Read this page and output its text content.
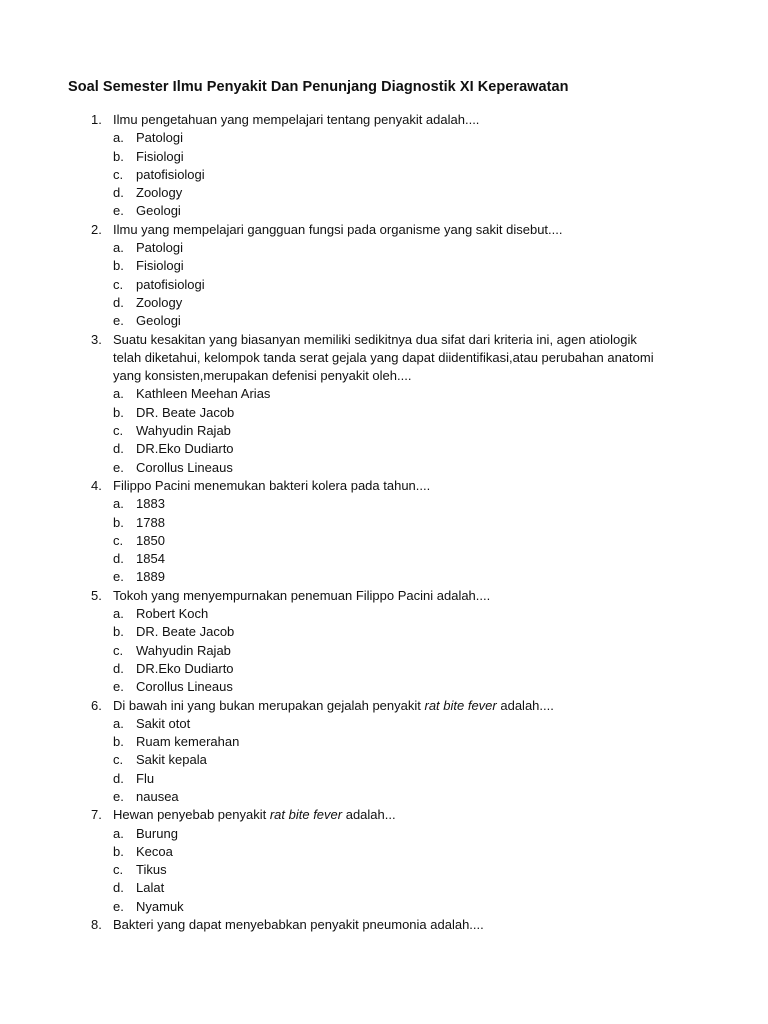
Soal Semester Ilmu Penyakit Dan Penunjang Diagnostik XI Keperawatan
1. Ilmu pengetahuan yang mempelajari tentang penyakit adalah....
a. Patologi
b. Fisiologi
c. patofisiologi
d. Zoology
e. Geologi
2. Ilmu yang mempelajari gangguan fungsi pada organisme yang sakit disebut....
a. Patologi
b. Fisiologi
c. patofisiologi
d. Zoology
e. Geologi
3. Suatu kesakitan yang biasanyan memiliki sedikitnya dua sifat dari kriteria ini, agen atiologik
telah diketahui, kelompok tanda serat gejala yang dapat diidentifikasi,atau perubahan anatomi
yang konsisten,merupakan defenisi penyakit oleh....
a. Kathleen Meehan Arias
b. DR. Beate Jacob
c. Wahyudin Rajab
d. DR.Eko Dudiarto
e. Corollus Lineaus
4. Filippo Pacini menemukan bakteri kolera pada tahun....
a. 1883
b. 1788
c. 1850
d. 1854
e. 1889
5. Tokoh yang menyempurnakan penemuan Filippo Pacini adalah....
a. Robert Koch
b. DR. Beate Jacob
c. Wahyudin Rajab
d. DR.Eko Dudiarto
e. Corollus Lineaus
6. Di bawah ini yang bukan merupakan gejalah penyakit rat bite fever adalah....
a. Sakit otot
b. Ruam kemerahan
c. Sakit kepala
d. Flu
e. nausea
7. Hewan penyebab penyakit rat bite fever adalah...
a. Burung
b. Kecoa
c. Tikus
d. Lalat
e. Nyamuk
8. Bakteri yang dapat menyebabkan penyakit pneumonia adalah....
